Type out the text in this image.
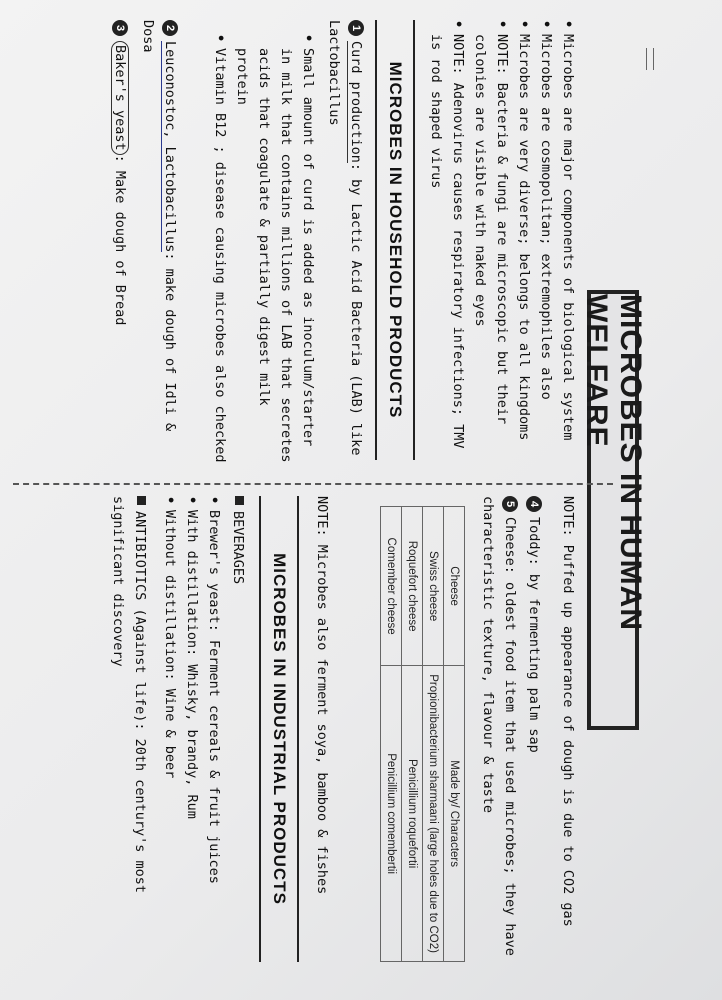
MICROBES IN HUMAN WELFARE
• Microbes are major components of biological system
• Microbes are cosmopolitan; extremophiles also
• Microbes are very diverse; belongs to all kingdoms
• NOTE: Bacteria & fungi are microscopic but their colonies are visible with naked eyes
• NOTE: Adenovirus causes respiratory infections; TMV is rod shaped virus
MICROBES IN HOUSEHOLD PRODUCTS
1Curd production: by Lactic Acid Bacteria (LAB) like Lactobacillus
• Small amount of curd is added as inoculum/starter in milk that contains millions of LAB that secretes acids that coagulate & partially digest milk protein
• Vitamin B12 ; disease causing microbes also checked
2Leuconostoc, Lactobacillus: make dough of Idli & Dosa
3Baker's yeast: Make dough of Bread
NOTE: Puffed up appearance of dough is due to CO2 gas
4Toddy: by fermenting palm sap
5Cheese: oldest food item that used microbes; they have characteristic texture, flavour & taste
Cheese	Made by/ Characters
Swiss cheese	Propionibacterium sharmaani (large holes due to CO2)
Roquefort cheese	Penicillium roquefortii
Comember cheese	Penicillium comembertii
NOTE: Microbes also ferment soya, bamboo & fishes
MICROBES IN INDUSTRIAL PRODUCTS
BEVERAGES
• Brewer's yeast: Ferment cereals & fruit juices
• With distillation: Whisky, brandy, Rum
• Without distillation: Wine & beer
ANTIBIOTICS (Against life): 20th century's most significant discovery
